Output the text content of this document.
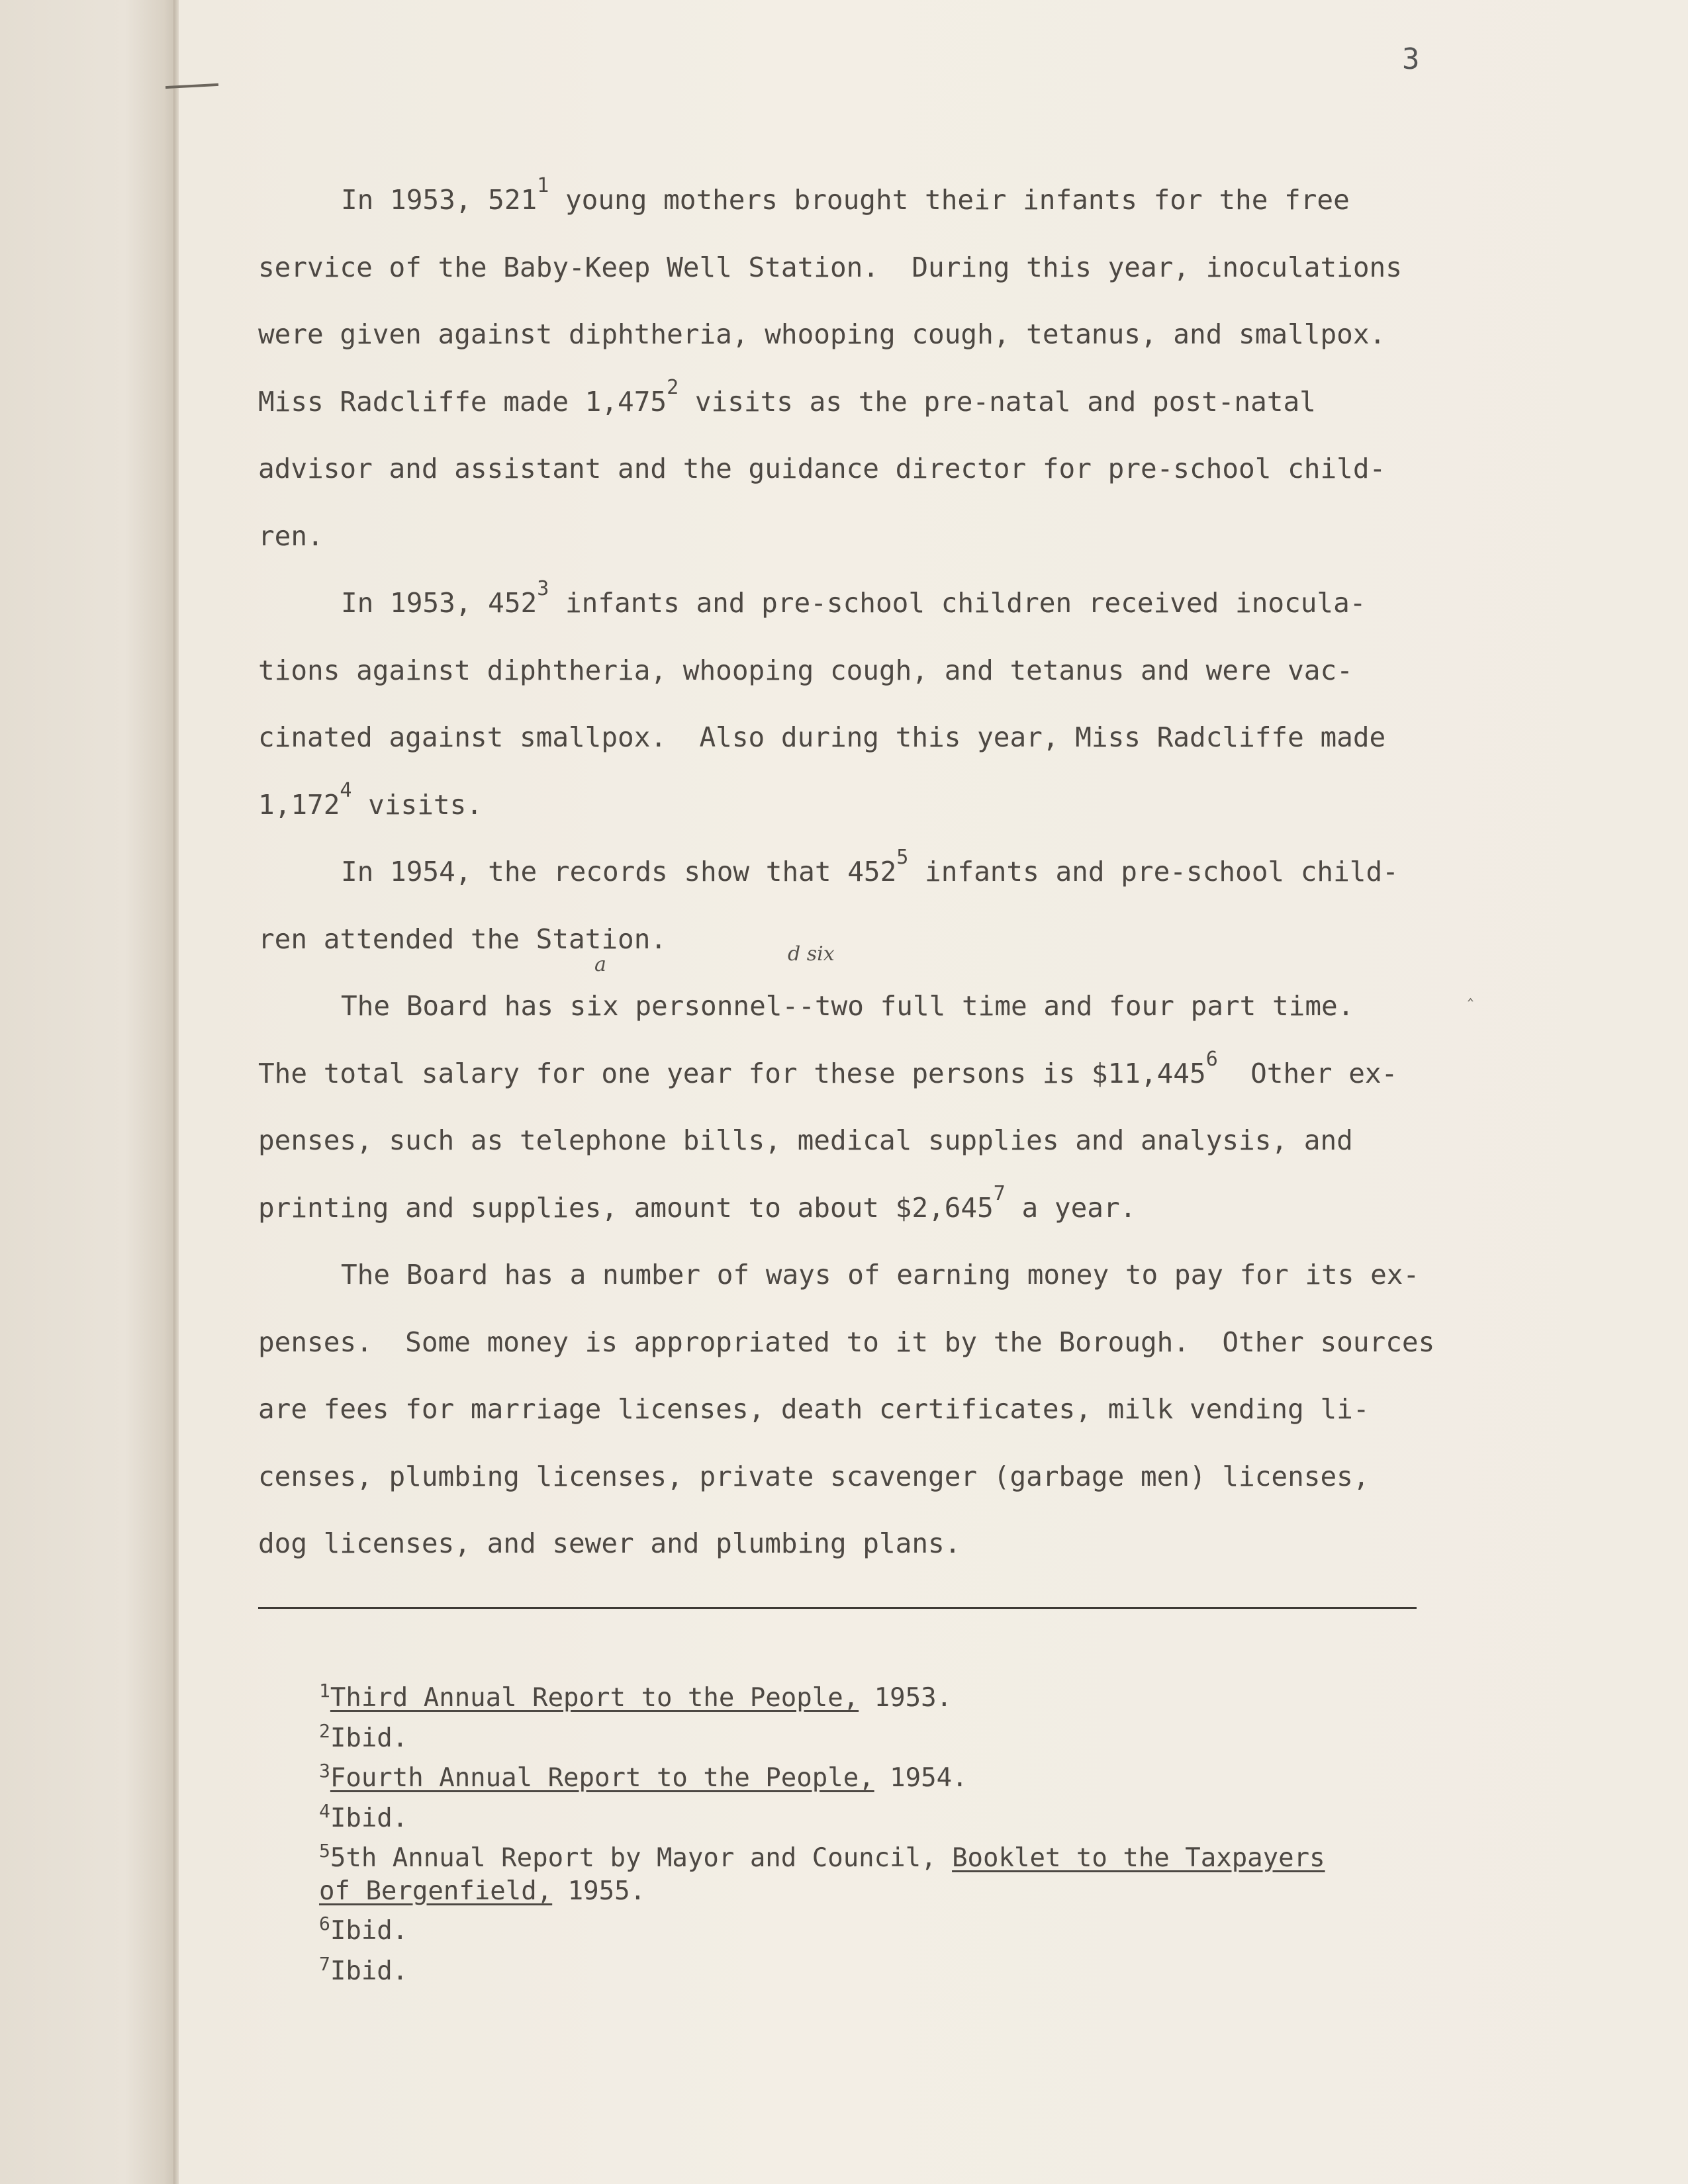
3

In 1953, 521$^1$ young mothers brought their infants for the free

service of the Baby-Keep Well Station.  During this year, inoculations

were given against diphtheria, whooping cough, tetanus, and smallpox.

Miss Radcliffe made 1,475$^2$ visits as the pre-natal and post-natal

advisor and assistant and the guidance director for pre-school child-

ren.

In 1953, 452$^3$ infants and pre-school children received inocula-

tions against diphtheria, whooping cough, and tetanus and were vac-

cinated against smallpox.  Also during this year, Miss Radcliffe made

1,172$^4$ visits.

In 1954, the records show that 452$^5$ infants and pre-school child-

ren attended the Station.

The Board has six personnel--two full time and four part time.

The total salary for one year for these persons is $11,445$^6$  Other ex-

penses, such as telephone bills, medical supplies and analysis, and

printing and supplies, amount to about $2,645$^7$ a year.

The Board has a number of ways of earning money to pay for its ex-

penses.  Some money is appropriated to it by the Borough.  Other sources

are fees for marriage licenses, death certificates, milk vending li-

censes, plumbing licenses, private scavenger (garbage men) licenses,

dog licenses, and sewer and plumbing plans.

a	d six
‸
$^1$Third Annual Report to the People, 1953.
$^2$Ibid.
$^3$Fourth Annual Report to the People, 1954.
$^4$Ibid.
$^5$5th Annual Report by Mayor and Council, Booklet to the Taxpayers
of Bergenfield, 1955.
$^6$Ibid.
$^7$Ibid.
